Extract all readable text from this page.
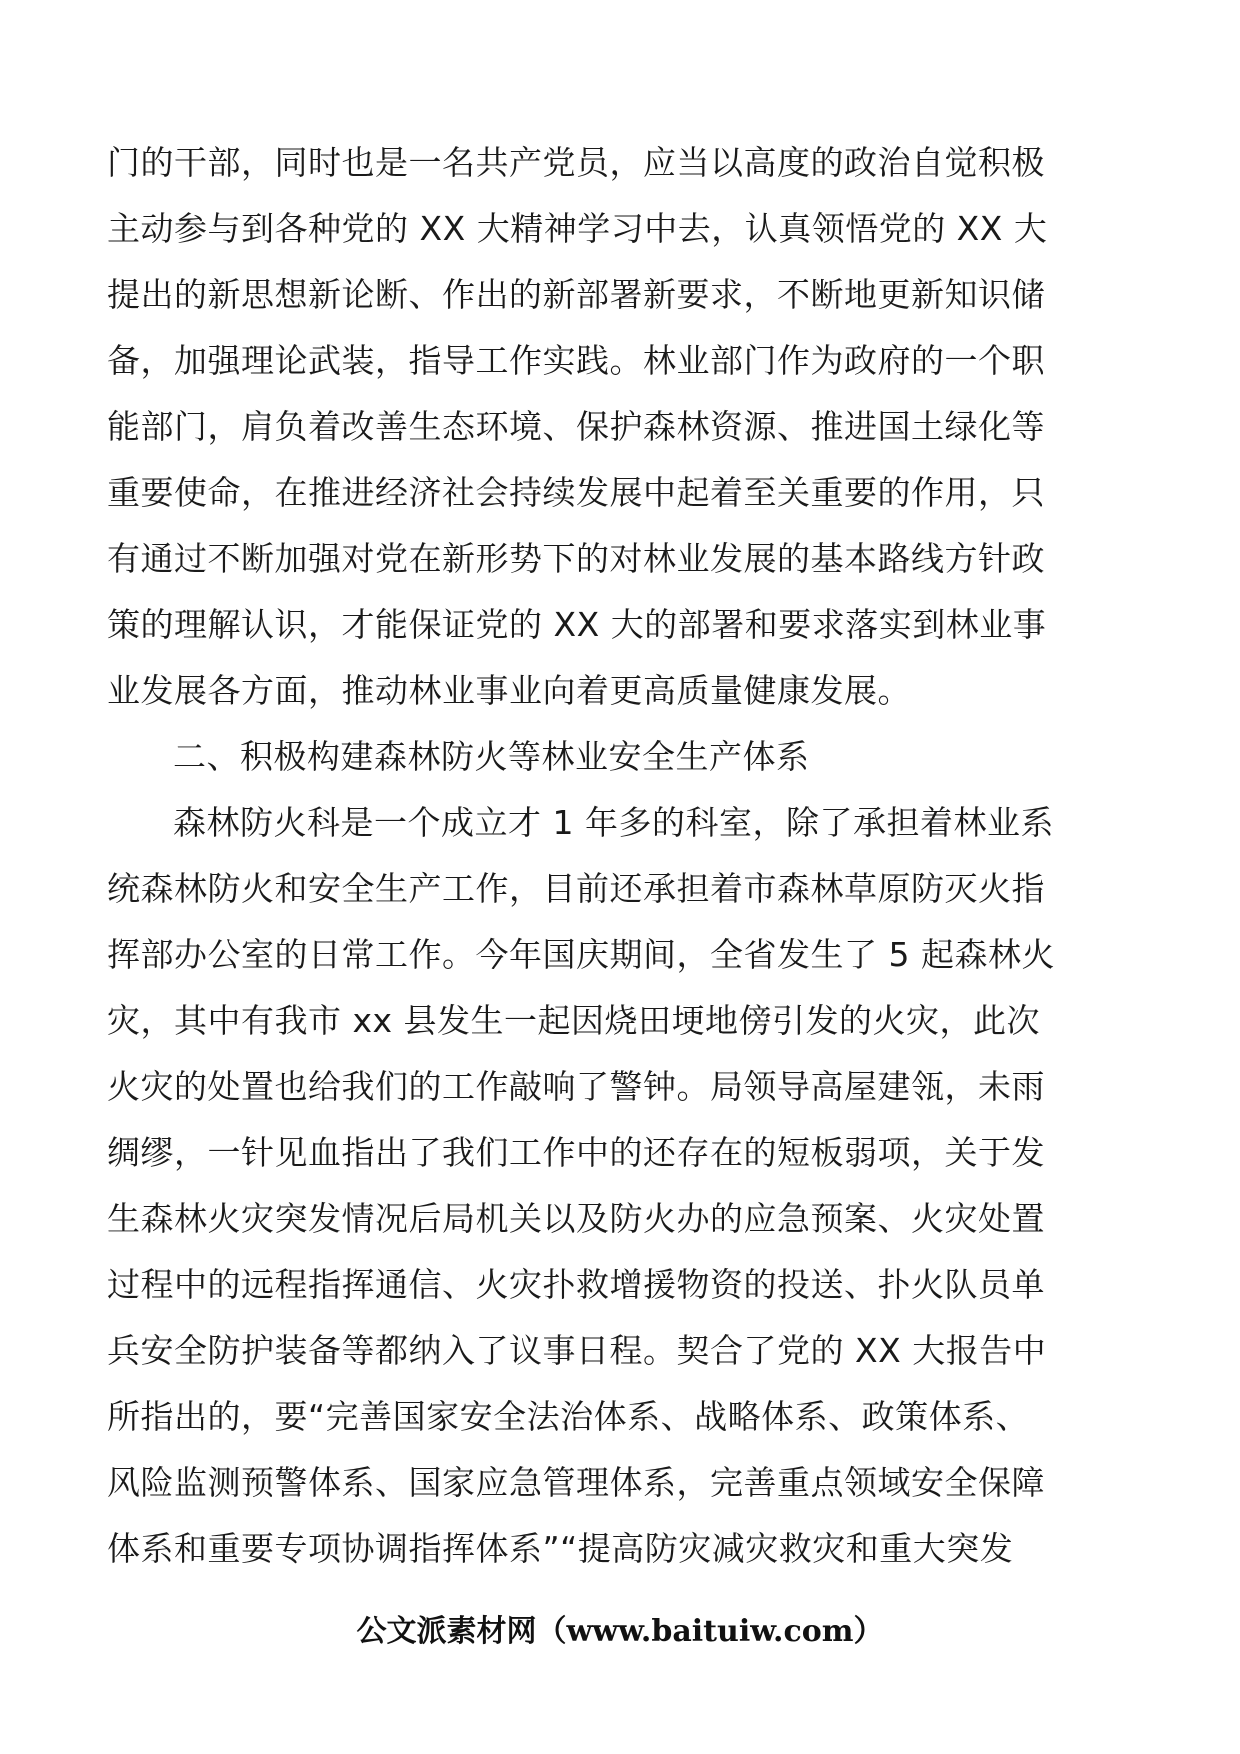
门的干部，同时也是一名共产党员，应当以高度的政治自觉积极
主动参与到各种党的 XX 大精神学习中去，认真领悟党的 XX 大
提出的新思想新论断、作出的新部署新要求，不断地更新知识储
备，加强理论武装，指导工作实践。林业部门作为政府的一个职
能部门，肩负着改善生态环境、保护森林资源、推进国土绿化等
重要使命，在推进经济社会持续发展中起着至关重要的作用，只
有通过不断加强对党在新形势下的对林业发展的基本路线方针政
策的理解认识，才能保证党的 XX 大的部署和要求落实到林业事
业发展各方面，推动林业事业向着更高质量健康发展。
二、积极构建森林防火等林业安全生产体系
森林防火科是一个成立才 1 年多的科室，除了承担着林业系
统森林防火和安全生产工作，目前还承担着市森林草原防灭火指
挥部办公室的日常工作。今年国庆期间，全省发生了 5 起森林火
灾，其中有我市 xx 县发生一起因烧田埂地傍引发的火灾，此次
火灾的处置也给我们的工作敲响了警钟。局领导高屋建瓴，未雨
绸缪，一针见血指出了我们工作中的还存在的短板弱项，关于发
生森林火灾突发情况后局机关以及防火办的应急预案、火灾处置
过程中的远程指挥通信、火灾扑救增援物资的投送、扑火队员单
兵安全防护装备等都纳入了议事日程。契合了党的 XX 大报告中
所指出的，要“完善国家安全法治体系、战略体系、政策体系、
风险监测预警体系、国家应急管理体系，完善重点领域安全保障
体系和重要专项协调指挥体系”“提高防灾减灾救灾和重大突发
公文派素材网（www.baituiw.com）
